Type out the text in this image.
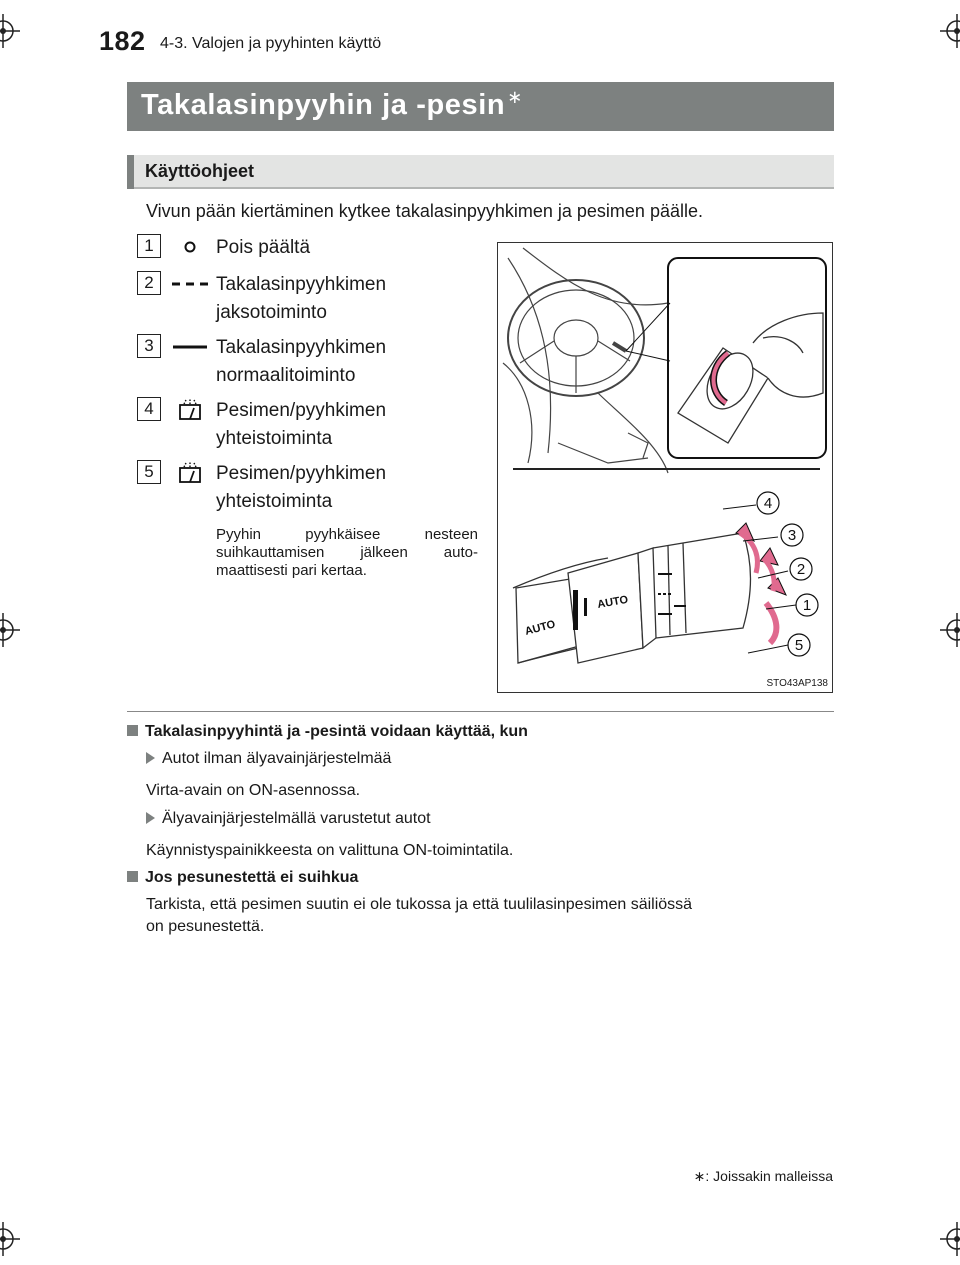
182 4-3. Valojen ja pyyhinten käyttö
Takalasinpyyhin ja -pesin ∗
Käyttöohjeet
Vivun pään kiertäminen kytkee takalasinpyyhkimen ja pesimen päälle.
1	Pois päältä
2	Takalasinpyyhkimen
jaksotoiminto
3	Takalasinpyyhkimen
normaalitoiminto
4	Pesimen/pyyhkimen
yhteistoiminta
5	Pesimen/pyyhkimen
yhteistoiminta
Pyyhin pyyhkäisee nesteen suihkauttamisen jälkeen auto-maattisesti pari kertaa.
AUTO
AUTO
4
3
2
1
5
STO43AP138
Takalasinpyyhintä ja -pesintä voidaan käyttää, kun
Autot ilman älyavainjärjestelmää
Virta-avain on ON-asennossa.
Älyavainjärjestelmällä varustetut autot
Käynnistyspainikkeesta on valittuna ON-toimintatila.
Jos pesunestettä ei suihkua
Tarkista, että pesimen suutin ei ole tukossa ja että tuulilasinpesimen säiliössä
on pesunestettä.
∗: Joissakin malleissa
